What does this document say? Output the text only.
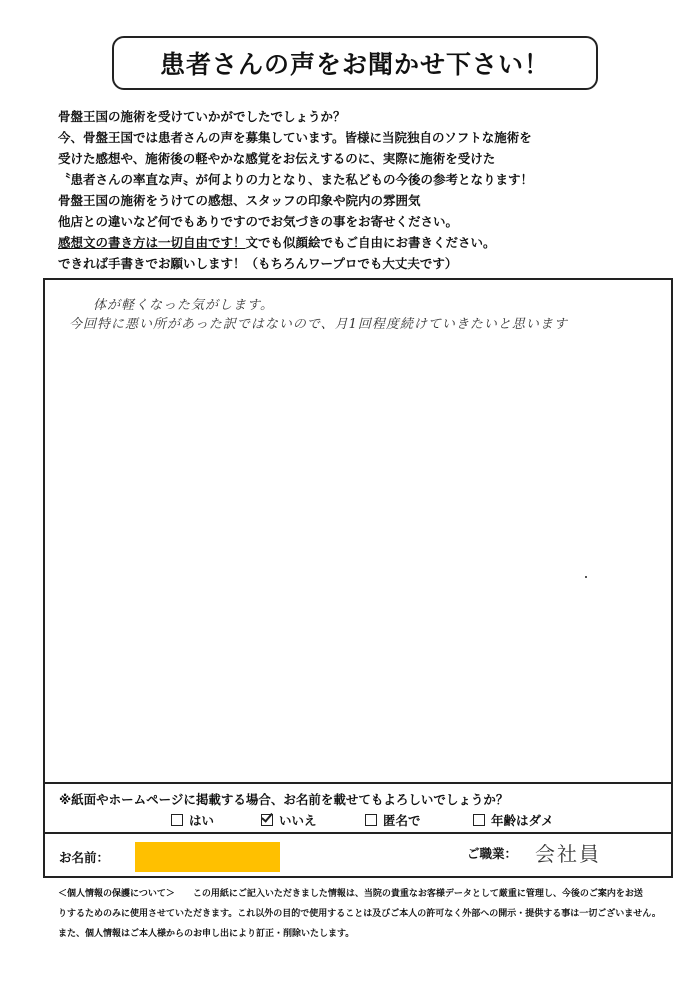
患者さんの声をお聞かせ下さい！
骨盤王国の施術を受けていかがでしたでしょうか？
今、骨盤王国では患者さんの声を募集しています。皆様に当院独自のソフトな施術を
受けた感想や、施術後の軽やかな感覚をお伝えするのに、実際に施術を受けた
〝患者さんの率直な声〟が何よりの力となり、また私どもの今後の参考となります！
骨盤王国の施術をうけての感想、スタッフの印象や院内の雰囲気
他店との違いなど何でもありですのでお気づきの事をお寄せください。
感想文の書き方は一切自由です！文でも似顔絵でもご自由にお書きください。
できれば手書きでお願いします！（もちろんワープロでも大丈夫です）
体が軽くなった気がします。
今回特に悪い所があった訳ではないので、月1回程度続けていきたいと思います
※紙面やホームページに掲載する場合、お名前を載せてもよろしいでしょうか？
はい	いいえ	匿名で	年齢はダメ
お名前：	ご職業： 会社員
＜個人情報の保護について＞　　この用紙にご記入いただきました情報は、当院の貴重なお客様データとして厳重に管理し、今後のご案内をお送
りするためのみに使用させていただきます。これ以外の目的で使用することは及びご本人の許可なく外部への開示・提供する事は一切ございません。
また、個人情報はご本人様からのお申し出により訂正・削除いたします。
